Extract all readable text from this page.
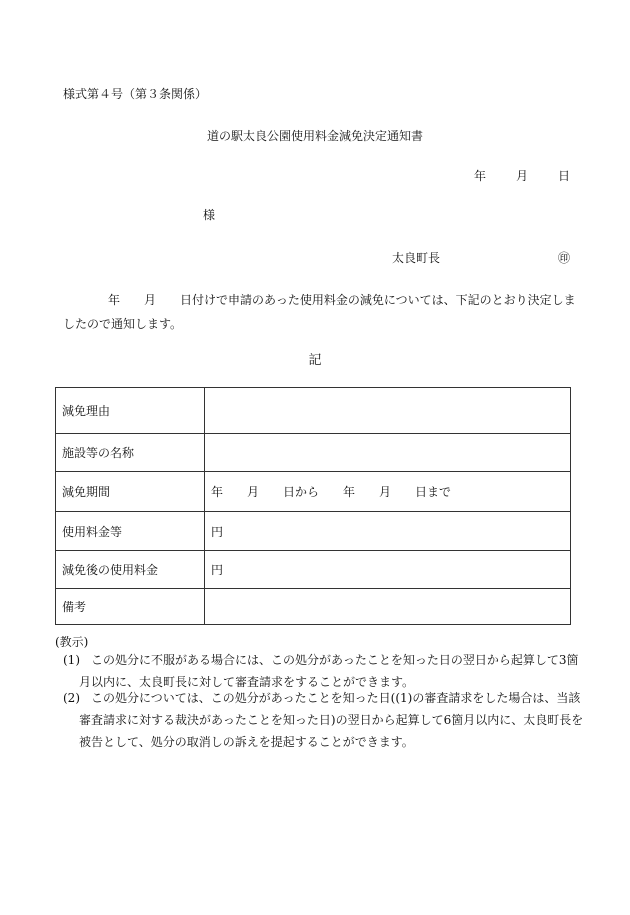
様式第４号（第３条関係）
道の駅太良公園使用料金減免決定通知書
年	月	日
様
太良町長	㊞
年　　月　　日付けで申請のあった使用料金の減免については、下記のとおり決定しま
したので通知します。
記
減免理由	
施設等の名称	
減免期間	年　　月　　日から　　年　　月　　日まで
使用料金等	円
減免後の使用料金	円
備考	
(教示)
(1) この処分に不服がある場合には、この処分があったことを知った日の翌日から起算して3箇
月以内に、太良町長に対して審査請求をすることができます。
(2) この処分については、この処分があったことを知った日((1)の審査請求をした場合は、当該
審査請求に対する裁決があったことを知った日)の翌日から起算して6箇月以内に、太良町長を
被告として、処分の取消しの訴えを提起することができます。
